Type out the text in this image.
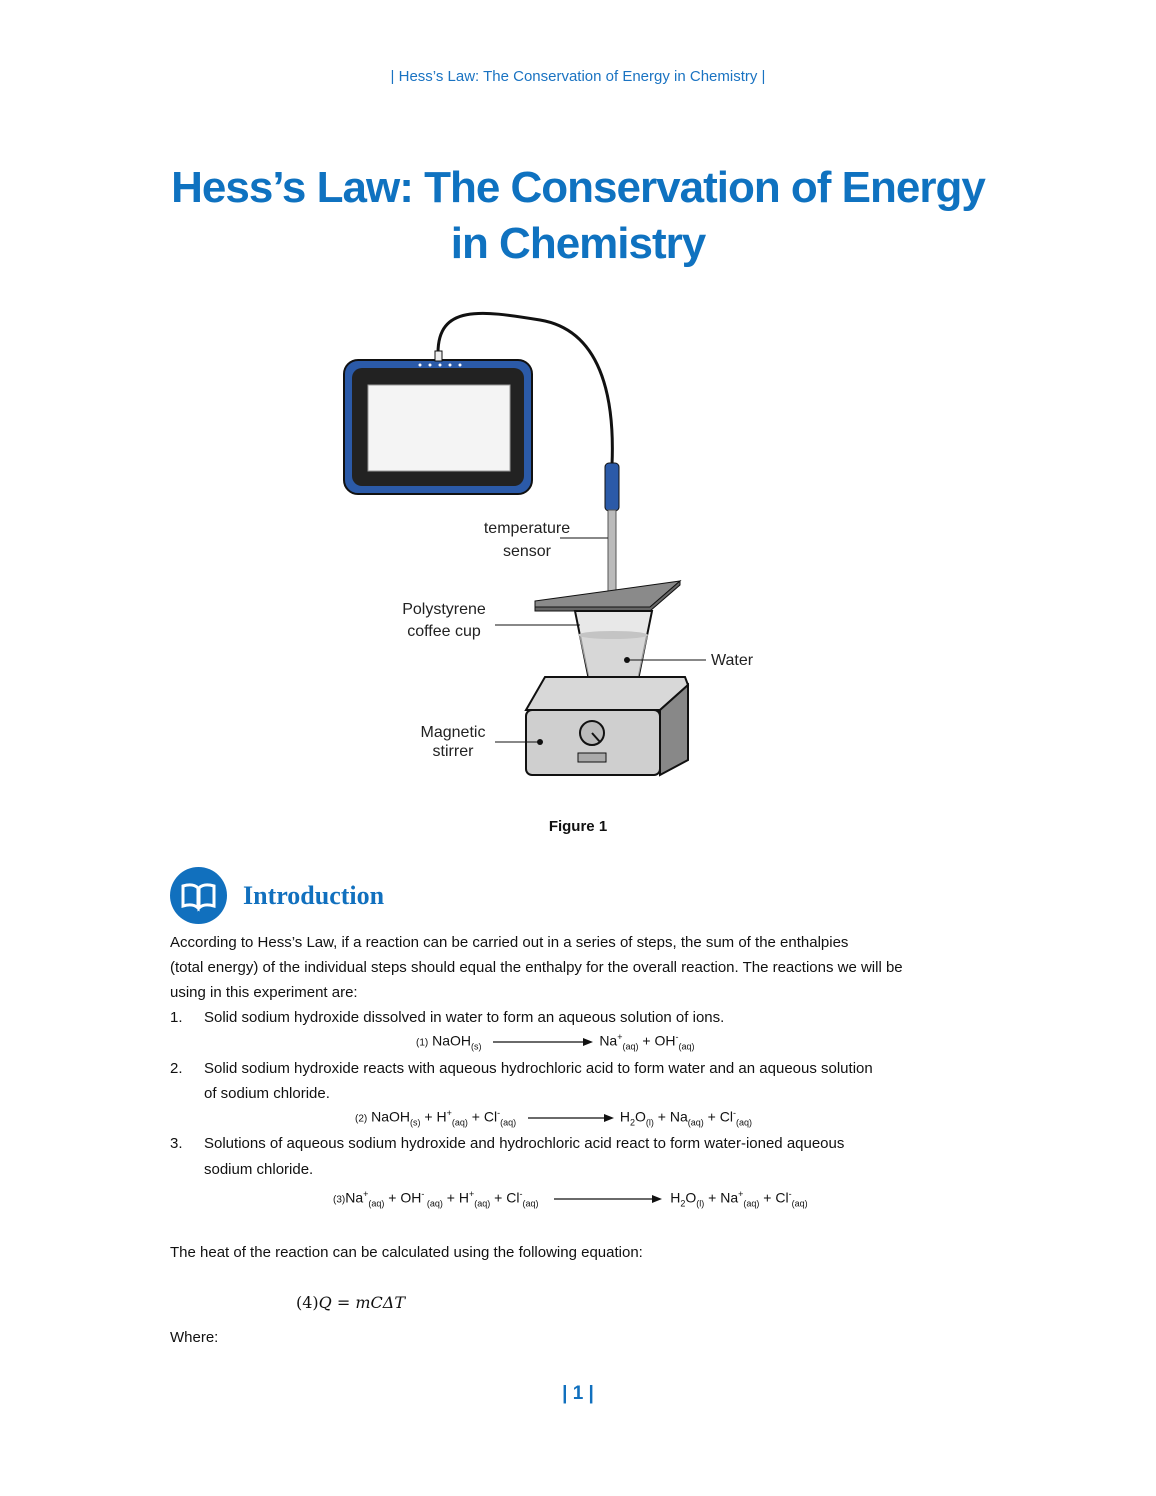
| Hess’s Law: The Conservation of Energy in Chemistry |
Hess’s Law: The Conservation of Energy
in Chemistry
temperature
sensor
Polystyrene
coffee cup
Water
Magnetic
stirrer
Figure 1
Introduction
According to Hess’s Law, if a reaction can be carried out in a series of steps, the sum of the enthalpies
(total energy) of the individual steps should equal the enthalpy for the overall reaction. The reactions we will be
using in this experiment are:
1. Solid sodium hydroxide dissolved in water to form an aqueous solution of ions.
(1) NaOH$_{(s)}$	$Na^+_{(aq)} + OH^-_{(aq)}$
2. Solid sodium hydroxide reacts with aqueous hydrochloric acid to form water and an aqueous solution
of sodium chloride.
(2) NaOH$_{(s)}$ + $H^+_{(aq)} + Cl^-_{(aq)}$	$H_2O_{(l)} + Na_{(aq)} + Cl^-_{(aq)}$
3. Solutions of aqueous sodium hydroxide and hydrochloric acid react to form water-ioned aqueous
sodium chloride.
$(3)Na^+_{(aq)} + OH^-$ $_{(aq)} + H^+_{(aq)} + Cl^-_{(aq)}$	$H_2O_{(l)} + Na^+_{(aq)} + Cl^-_{(aq)}$
The heat of the reaction can be calculated using the following equation:
(4)Q = mCΔT
Where:
| 1 |
